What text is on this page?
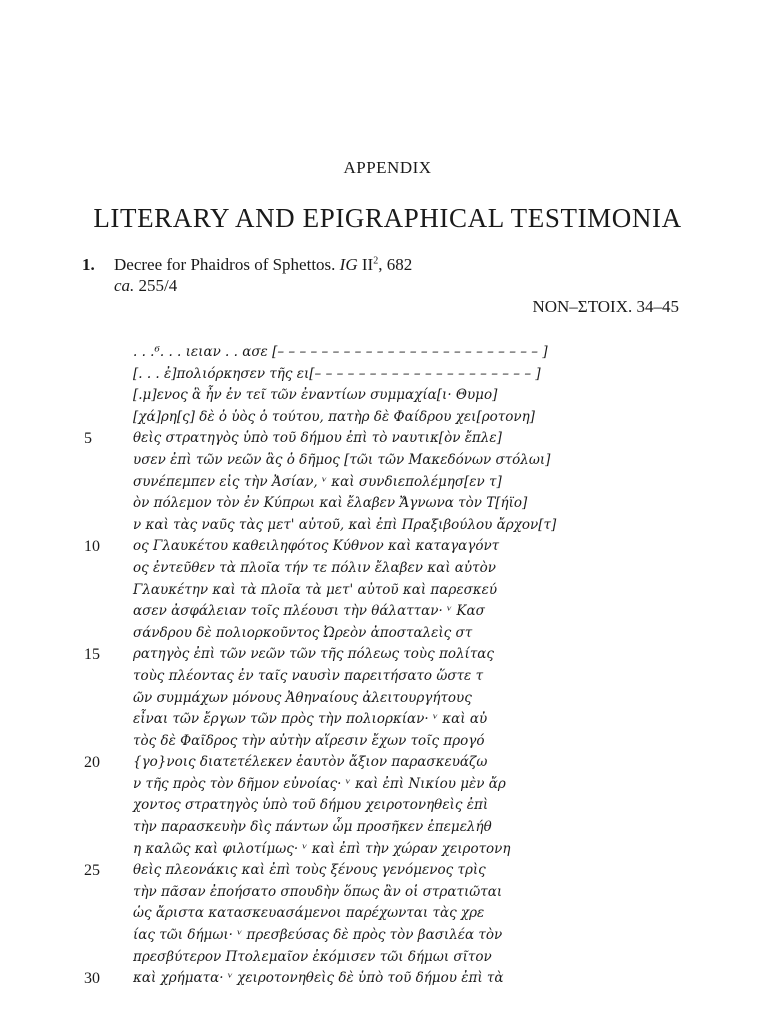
APPENDIX
LITERARY AND EPIGRAPHICAL TESTIMONIA
1. Decree for Phaidros of Sphettos. IG $II^2$, 682
ca. 255/4
ΝΟΝ–ΣΤΟΙΧ. 34–45
. . .⁶. . . ιειαν . . ασε [– – – – – – – – – – – – – – – – – – – – – – – – ]
[. . . ἐ]πολιόρκησεν τῆς ει[– – – – – – – – – – – – – – – – – – – – ]
[.μ]ενος ἃ ἦν ἐν τεῖ τῶν ἐναντίων συμμαχία[ι· Θυμο]
[χά]ρη[ς] δὲ ὁ ὑὸς ὁ τούτου, πατὴρ δὲ Φαίδρου χει[ροτονη]
5	θεὶς στρατηγὸς ὑπὸ τοῦ δήμου ἐπὶ τὸ ναυτικ[ὸν ἔπλε]
υσεν ἐπὶ τῶν νεῶν ἃς ὁ δῆμος [τῶι τῶν Μακεδόνων στόλωι]
συνέπεμπεν εἰς τὴν Ἀσίαν, ᵛ καὶ συνδιεπολέμησ[εν τ]
ὸν πόλεμον τὸν ἐν Κύπρωι καὶ ἔλαβεν Ἄγνωνα τὸν Τ[ήϊο]
ν καὶ τὰς ναῦς τὰς μετ' αὐτοῦ, καὶ ἐπὶ Πραξιβούλου ἄρχον[τ]
10	ος Γλαυκέτου καθειληφότος Κύθνον καὶ καταγαγόντ
ος ἐντεῦθεν τὰ πλοῖα τήν τε πόλιν ἔλαβεν καὶ αὐτὸν
Γλαυκέτην καὶ τὰ πλοῖα τὰ μετ' αὐτοῦ καὶ παρεσκεύ
ασεν ἀσφάλειαν τοῖς πλέουσι τὴν θάλατταν· ᵛ Κασ
σάνδρου δὲ πολιορκοῦντος Ὠρεὸν ἀποσταλεὶς στ
15	ρατηγὸς ἐπὶ τῶν νεῶν τῶν τῆς πόλεως τοὺς πολίτας
τοὺς πλέοντας ἐν ταῖς ναυσὶν παρειτήσατο ὥστε τ
ῶν συμμάχων μόνους Ἀθηναίους ἀλειτουργήτους
εἶναι τῶν ἔργων τῶν πρὸς τὴν πολιορκίαν· ᵛ καὶ αὐ
τὸς δὲ Φαῖδρος τὴν αὐτὴν αἵρεσιν ἔχων τοῖς προγό
20	{γο}νοις διατετέλεκεν ἑαυτὸν ἄξιον παρασκευάζω
ν τῆς πρὸς τὸν δῆμον εὐνοίας· ᵛ καὶ ἐπὶ Νικίου μὲν ἄρ
χοντος στρατηγὸς ὑπὸ τοῦ δήμου χειροτονηθεὶς ἐπὶ
τὴν παρασκευὴν δὶς πάντων ὧμ προσῆκεν ἐπεμελήθ
η καλῶς καὶ φιλοτίμως· ᵛ καὶ ἐπὶ τὴν χώραν χειροτονη
25	θεὶς πλεονάκις καὶ ἐπὶ τοὺς ξένους γενόμενος τρὶς
τὴν πᾶσαν ἐποήσατο σπουδὴν ὅπως ἂν οἱ στρατιῶται
ὡς ἄριστα κατασκευασάμενοι παρέχωνται τὰς χρε
ίας τῶι δήμωι· ᵛ πρεσβεύσας δὲ πρὸς τὸν βασιλέα τὸν
πρεσβύτερον Πτολεμαῖον ἐκόμισεν τῶι δήμωι σῖτον
30	καὶ χρήματα· ᵛ χειροτονηθεὶς δὲ ὑπὸ τοῦ δήμου ἐπὶ τὰ
